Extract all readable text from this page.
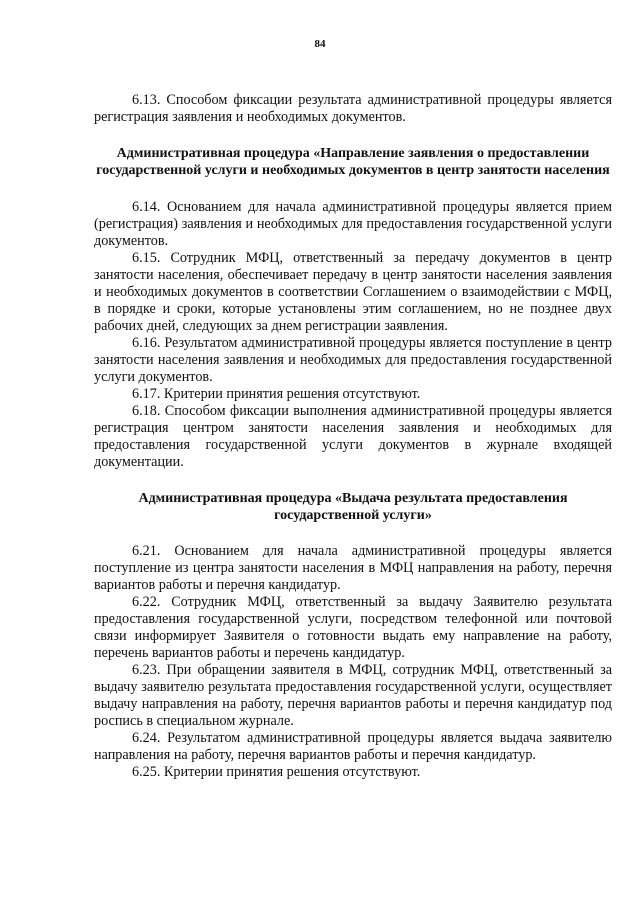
84

6.13. Способом фиксации результата административной процедуры является регистрация заявления и необходимых документов.

Административная процедура «Направление заявления о предоставлении государственной услуги и необходимых документов в центр занятости населения

6.14. Основанием для начала административной процедуры является прием (регистрация) заявления и необходимых для предоставления государственной услуги документов.

6.15. Сотрудник МФЦ, ответственный за передачу документов в центр занятости населения, обеспечивает передачу в центр занятости населения заявления и необходимых документов в соответствии Соглашением о взаимодействии с МФЦ, в порядке и сроки, которые установлены этим соглашением, но не позднее двух рабочих дней, следующих за днем регистрации заявления.

6.16. Результатом административной процедуры является поступление в центр занятости населения заявления и необходимых для предоставления государственной услуги документов.

6.17. Критерии принятия решения отсутствуют.

6.18. Способом фиксации выполнения административной процедуры является регистрация центром занятости населения заявления и необходимых для предоставления государственной услуги документов в журнале входящей документации.

Административная процедура «Выдача результата предоставления государственной услуги»

6.21. Основанием для начала административной процедуры является поступление из центра занятости населения в МФЦ направления на работу, перечня вариантов работы и перечня кандидатур.

6.22. Сотрудник МФЦ, ответственный за выдачу Заявителю результата предоставления государственной услуги, посредством телефонной или почтовой связи информирует Заявителя о готовности выдать ему направление на работу, перечень вариантов работы и перечень кандидатур.

6.23. При обращении заявителя в МФЦ, сотрудник МФЦ, ответственный за выдачу заявителю результата предоставления государственной услуги, осуществляет выдачу направления на работу, перечня вариантов работы и перечня кандидатур под роспись в специальном журнале.

6.24. Результатом административной процедуры является выдача заявителю направления на работу, перечня вариантов работы и перечня кандидатур.

6.25. Критерии принятия решения отсутствуют.
